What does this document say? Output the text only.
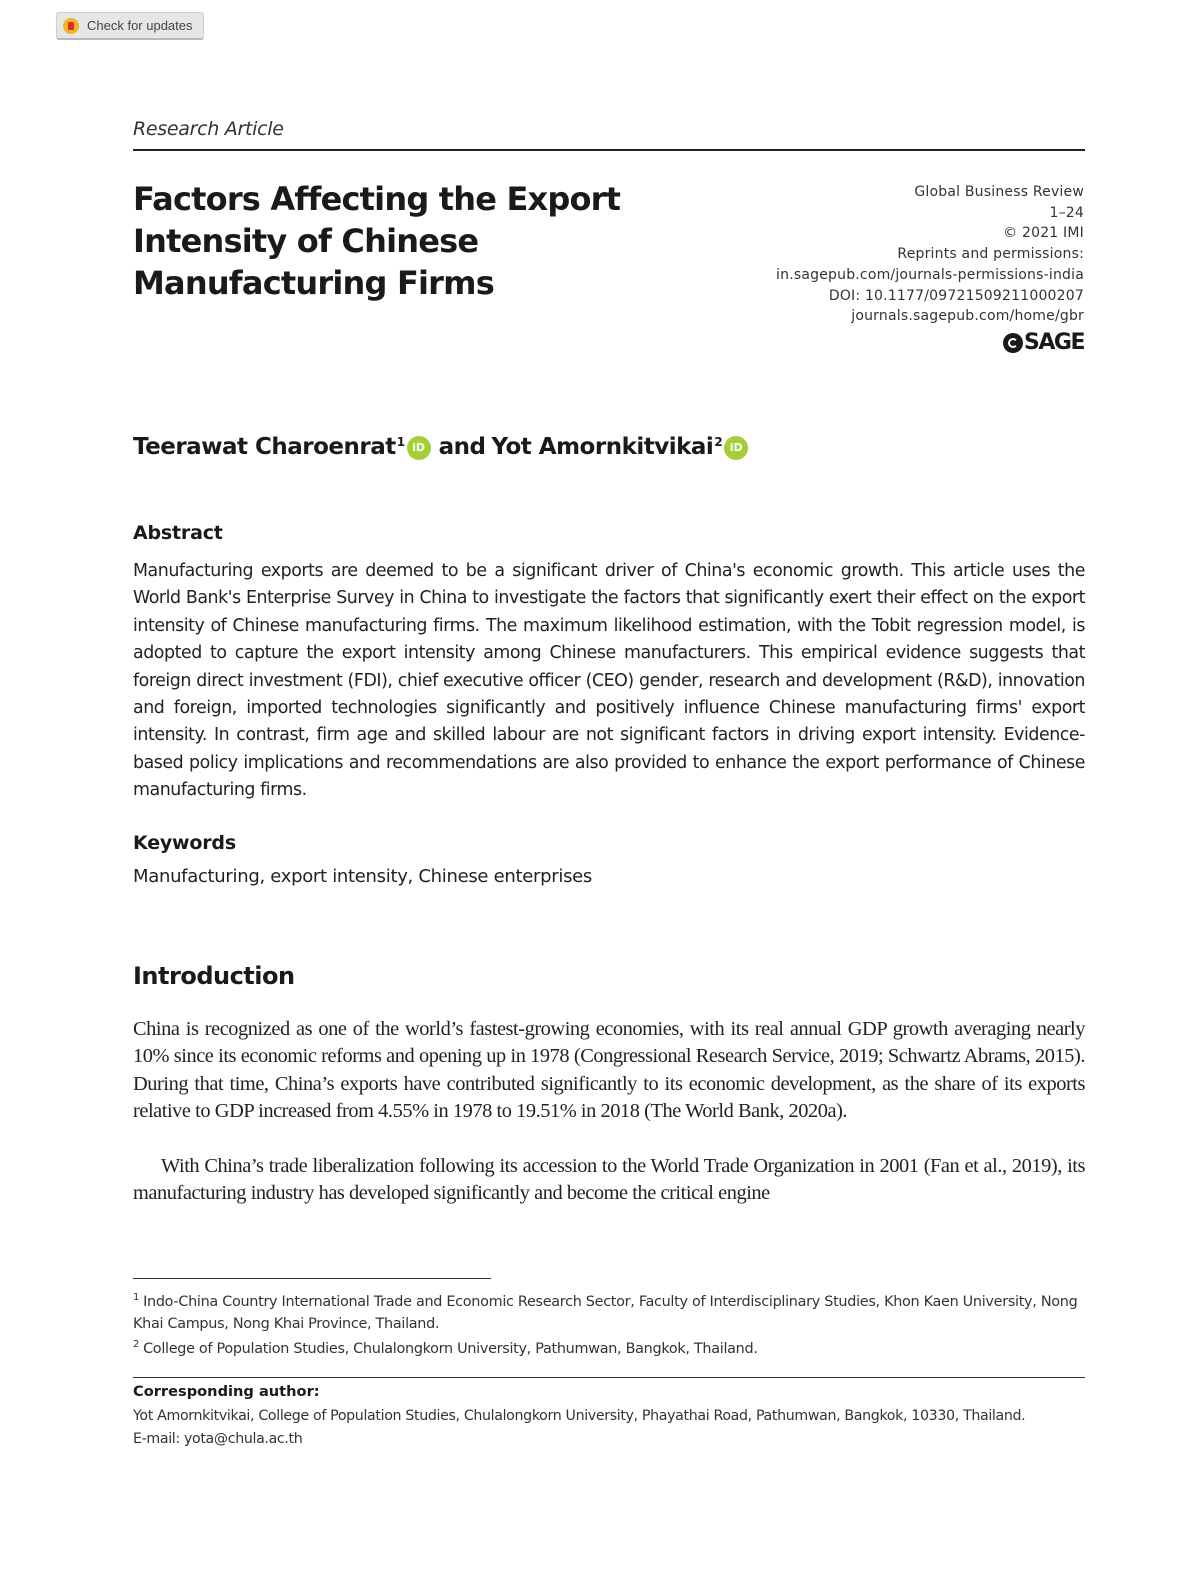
Check for updates
Research Article
Factors Affecting the Export Intensity of Chinese Manufacturing Firms
Global Business Review
1–24
© 2021 IMI
Reprints and permissions:
in.sagepub.com/journals-permissions-india
DOI: 10.1177/09721509211000207
journals.sagepub.com/home/gbr
SAGE
Teerawat Charoenrat$^1$ iD and Yot Amornkitvikai$^2$ iD
Abstract

Manufacturing exports are deemed to be a significant driver of China's economic growth. This article uses the World Bank's Enterprise Survey in China to investigate the factors that significantly exert their effect on the export intensity of Chinese manufacturing firms. The maximum likelihood estimation, with the Tobit regression model, is adopted to capture the export intensity among Chinese manufacturers. This empirical evidence suggests that foreign direct investment (FDI), chief executive officer (CEO) gender, research and development (R&D), innovation and foreign, imported technologies significantly and positively influence Chinese manufacturing firms' export intensity. In contrast, firm age and skilled labour are not significant factors in driving export intensity. Evidence-based policy implications and recommendations are also provided to enhance the export performance of Chinese manufacturing firms.

Keywords
Manufacturing, export intensity, Chinese enterprises
Introduction

China is recognized as one of the world’s fastest-growing economies, with its real annual GDP growth averaging nearly 10% since its economic reforms and opening up in 1978 (Congressional Research Service, 2019; Schwartz Abrams, 2015). During that time, China’s exports have contributed significantly to its economic development, as the share of its exports relative to GDP increased from 4.55% in 1978 to 19.51% in 2018 (The World Bank, 2020a).

With China’s trade liberalization following its accession to the World Trade Organization in 2001 (Fan et al., 2019), its manufacturing industry has developed significantly and become the critical engine

$^1$ Indo-China Country International Trade and Economic Research Sector, Faculty of Interdisciplinary Studies, Khon Kaen University, Nong Khai Campus, Nong Khai Province, Thailand.

$^2$ College of Population Studies, Chulalongkorn University, Pathumwan, Bangkok, Thailand.

Corresponding author:
Yot Amornkitvikai, College of Population Studies, Chulalongkorn University, Phayathai Road, Pathumwan, Bangkok, 10330, Thailand.
E-mail: yota@chula.ac.th
